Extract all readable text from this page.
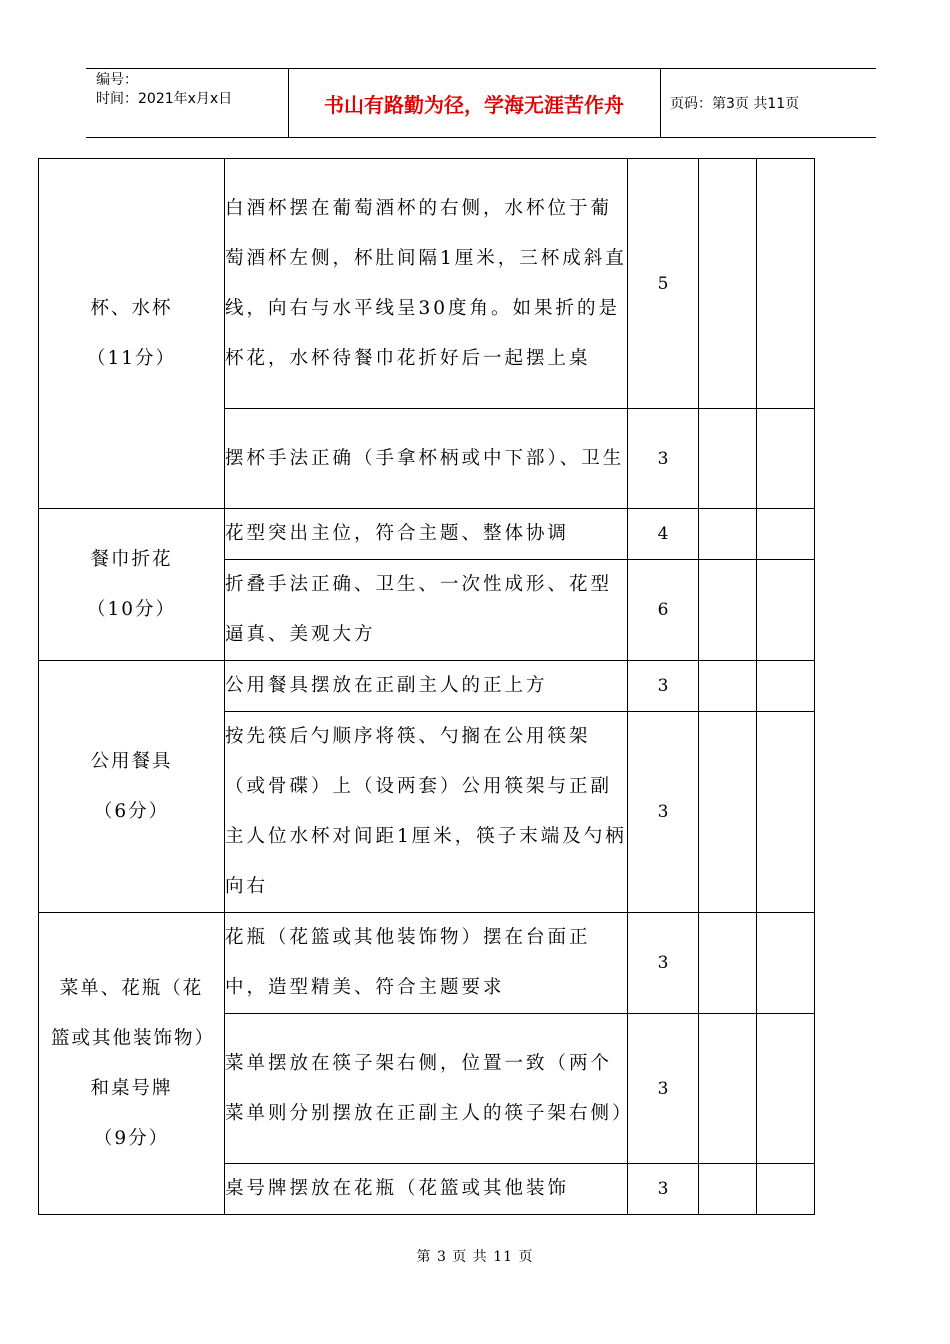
编号：
时间：2021年x月x日	书山有路勤为径，学海无涯苦作舟	页码：第3页 共11页
杯、水杯
（11分）	白酒杯摆在葡萄酒杯的右侧，水杯位于葡萄酒杯左侧，杯肚间隔1厘米，三杯成斜直线，向右与水平线呈30度角。如果折的是杯花，水杯待餐巾花折好后一起摆上桌	5		
	摆杯手法正确（手拿杯柄或中下部）、卫生	3		

餐巾折花
（10分）	花型突出主位，符合主题、整体协调	4		
	折叠手法正确、卫生、一次性成形、花型逼真、美观大方	6		

公用餐具
（6分）	公用餐具摆放在正副主人的正上方	3		
	按先筷后勺顺序将筷、勺搁在公用筷架（或骨碟）上（设两套）公用筷架与正副主人位水杯对间距1厘米，筷子末端及勺柄向右	3		

菜单、花瓶（花篮或其他装饰物）
和桌号牌
（9分）	花瓶（花篮或其他装饰物）摆在台面正中，造型精美、符合主题要求	3		
	菜单摆放在筷子架右侧，位置一致（两个菜单则分别摆放在正副主人的筷子架右侧）	3		
	桌号牌摆放在花瓶（花篮或其他装饰	3		
第 3 页 共 11 页
